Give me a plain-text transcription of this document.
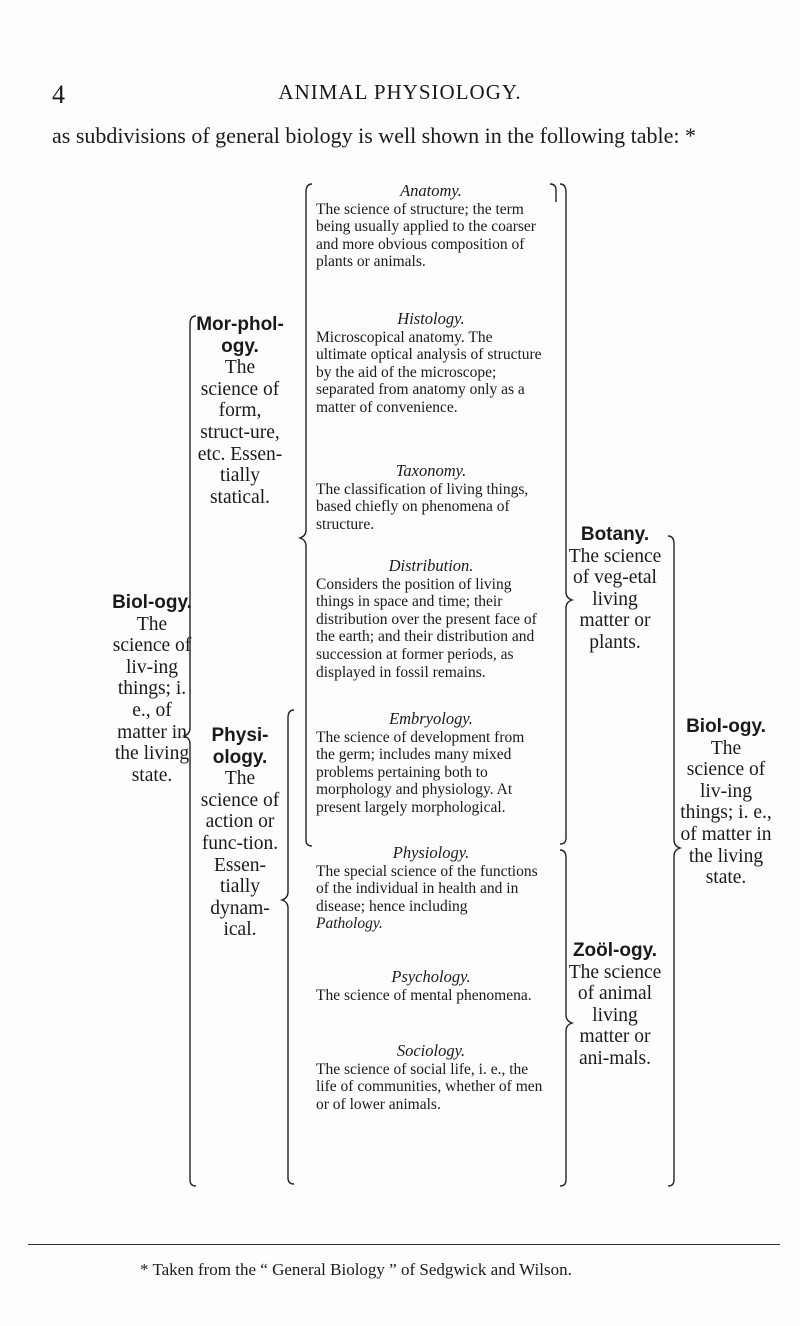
4	ANIMAL PHYSIOLOGY.
as subdivisions of general biology is well shown in the following table: *
Biol-ogy.
The science of liv-ing things; i. e., of matter in the living state.
Mor-phol-ogy.
The science of form, struct-ure, etc. Essen-tially statical.
Physi-ology.
The science of action or func-tion. Essen-tially dynam-ical.
Anatomy.
The science of structure; the term being usually applied to the coarser and more obvious composition of plants or animals.
Histology.
Microscopical anatomy. The ultimate optical analysis of structure by the aid of the microscope; separated from anatomy only as a matter of convenience.
Taxonomy.
The classification of living things, based chiefly on phenomena of structure.
Distribution.
Considers the position of living things in space and time; their distribution over the present face of the earth; and their distribution and succession at former periods, as displayed in fossil remains.
Embryology.
The science of development from the germ; includes many mixed problems pertaining both to morphology and physiology. At present largely morphological.
Physiology.
The special science of the functions of the individual in health and in disease; hence including
Pathology.
Psychology.
The science of mental phenomena.
Sociology.
The science of social life, i. e., the life of communities, whether of men or of lower animals.
Botany.
The science of veg-etal living matter or plants.
Zoöl-ogy.
The science of animal living matter or ani-mals.
Biol-ogy.
The science of liv-ing things; i. e., of matter in the living state.
* Taken from the “ General Biology ” of Sedgwick and Wilson.
